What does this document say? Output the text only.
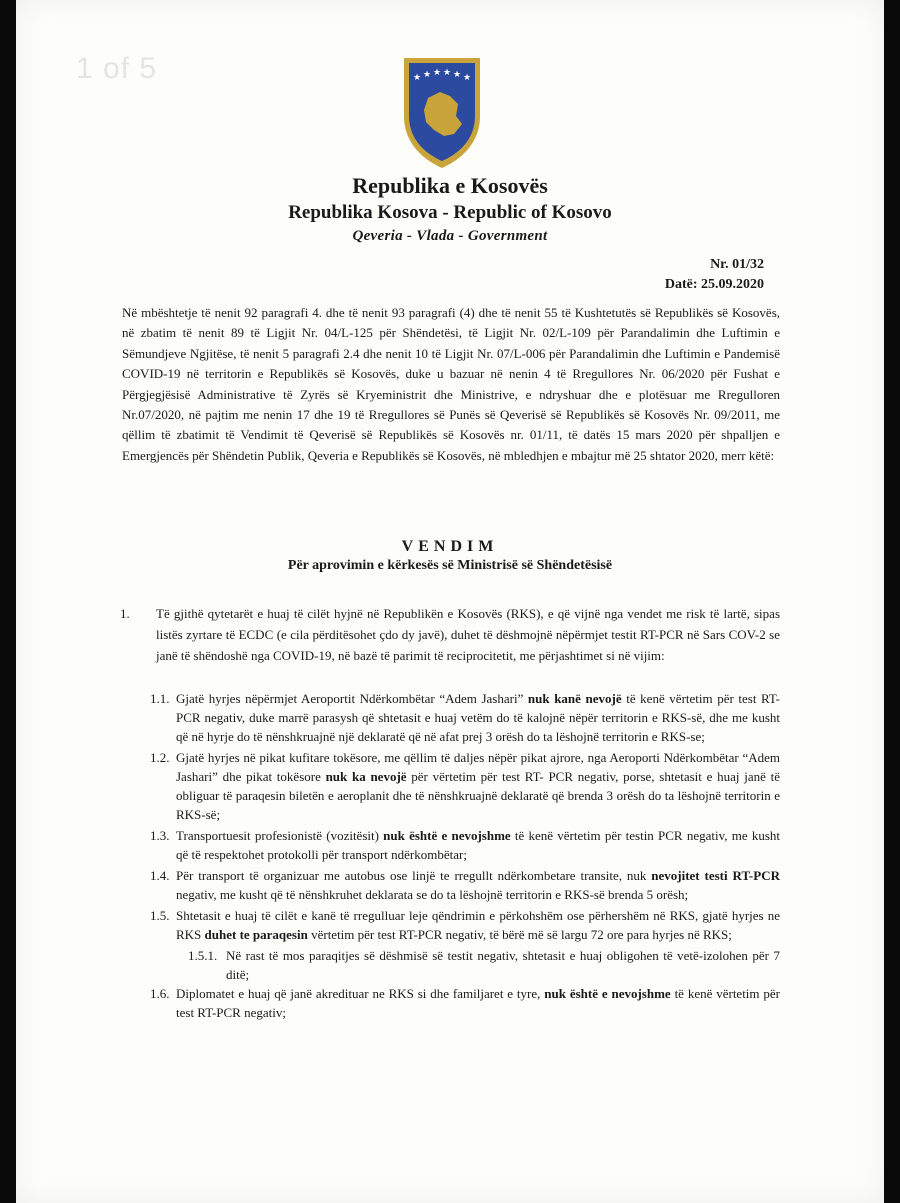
1 of 5	★ ★ ★ ★ ★ ★
Republika e Kosovës
Republika Kosova - Republic of Kosovo
Qeveria - Vlada - Government
Nr. 01/32
Datë: 25.09.2020
Në mbështetje të nenit 92 paragrafi 4. dhe të nenit 93 paragrafi (4) dhe të nenit 55 të Kushtetutës së Republikës së Kosovës, në zbatim të nenit 89 të Ligjit Nr. 04/L-125 për Shëndetësi, të Ligjit Nr. 02/L-109 për Parandalimin dhe Luftimin e Sëmundjeve Ngjitëse, të nenit 5 paragrafi 2.4 dhe nenit 10 të Ligjit Nr. 07/L-006 për Parandalimin dhe Luftimin e Pandemisë COVID-19 në territorin e Republikës së Kosovës, duke u bazuar në nenin 4 të Rregullores Nr. 06/2020 për Fushat e Përgjegjësisë Administrative të Zyrës së Kryeministrit dhe Ministrive, e ndryshuar dhe e plotësuar me Rregulloren Nr.07/2020, në pajtim me nenin 17 dhe 19 të Rregullores së Punës së Qeverisë së Republikës së Kosovës Nr. 09/2011, me qëllim të zbatimit të Vendimit të Qeverisë së Republikës së Kosovës nr. 01/11, të datës 15 mars 2020 për shpalljen e Emergjencës për Shëndetin Publik, Qeveria e Republikës së Kosovës, në mbledhjen e mbajtur më 25 shtator 2020, merr këtë:
VENDIM
Për aprovimin e kërkesës së Ministrisë së Shëndetësisë
1. Të gjithë qytetarët e huaj të cilët hyjnë në Republikën e Kosovës (RKS), e që vijnë nga vendet me risk të lartë, sipas listës zyrtare të ECDC (e cila përditësohet çdo dy javë), duhet të dëshmojnë nëpërmjet testit RT-PCR në Sars COV-2 se janë të shëndoshë nga COVID-19, në bazë të parimit të reciprocitetit, me përjashtimet si në vijim:
1.1. Gjatë hyrjes nëpërmjet Aeroportit Ndërkombëtar “Adem Jashari” nuk kanë nevojë të kenë vërtetim për test RT-PCR negativ, duke marrë parasysh që shtetasit e huaj vetëm do të kalojnë nëpër territorin e RKS-së, dhe me kusht që në hyrje do të nënshkruajnë një deklaratë që në afat prej 3 orësh do ta lëshojnë territorin e RKS-se;
1.2. Gjatë hyrjes në pikat kufitare tokësore, me qëllim të daljes nëpër pikat ajrore, nga Aeroporti Ndërkombëtar “Adem Jashari” dhe pikat tokësore nuk ka nevojë për vërtetim për test RT- PCR negativ, porse, shtetasit e huaj janë të obliguar të paraqesin biletën e aeroplanit dhe të nënshkruajnë deklaratë që brenda 3 orësh do ta lëshojnë territorin e RKS-së;
1.3. Transportuesit profesionistë (vozitësit) nuk është e nevojshme të kenë vërtetim për testin PCR negativ, me kusht që të respektohet protokolli për transport ndërkombëtar;
1.4. Për transport të organizuar me autobus ose linjë te rregullt ndërkombetare transite, nuk nevojitet testi RT-PCR negativ, me kusht që të nënshkruhet deklarata se do ta lëshojnë territorin e RKS-së brenda 5 orësh;
1.5. Shtetasit e huaj të cilët e kanë të rregulluar leje qëndrimin e përkohshëm ose përhershëm në RKS, gjatë hyrjes ne RKS duhet te paraqesin vërtetim për test RT-PCR negativ, të bërë më së largu 72 ore para hyrjes në RKS;
1.5.1. Në rast të mos paraqitjes së dëshmisë së testit negativ, shtetasit e huaj obligohen të vetë-izolohen për 7 ditë;
1.6. Diplomatet e huaj që janë akredituar ne RKS si dhe familjaret e tyre, nuk është e nevojshme të kenë vërtetim për test RT-PCR negativ;
